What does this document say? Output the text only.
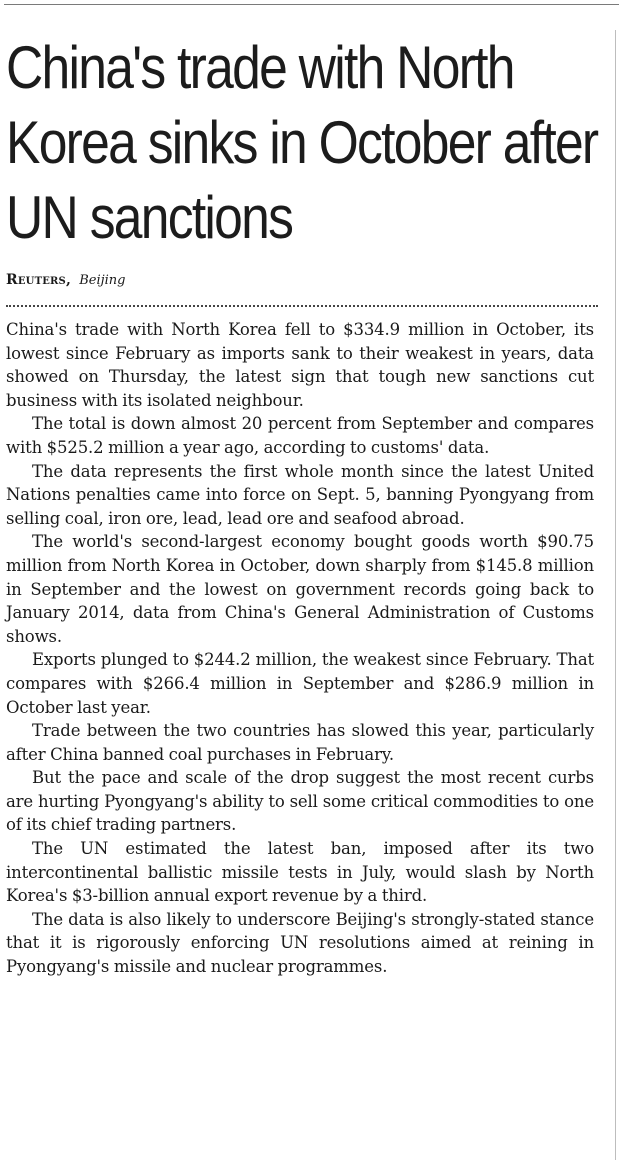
China's trade with North Korea sinks in October after UN sanctions
Reuters, Beijing

China's trade with North Korea fell to $334.9 million in October, its lowest since February as imports sank to their weakest in years, data showed on Thursday, the latest sign that tough new sanctions cut business with its isolated neighbour.

The total is down almost 20 percent from September and compares with $525.2 million a year ago, according to customs' data.

The data represents the first whole month since the latest United Nations penalties came into force on Sept. 5, banning Pyongyang from selling coal, iron ore, lead, lead ore and seafood abroad.

The world's second-largest economy bought goods worth $90.75 million from North Korea in October, down sharply from $145.8 million in September and the lowest on government records going back to January 2014, data from China's General Administration of Customs shows.

Exports plunged to $244.2 million, the weakest since February. That compares with $266.4 million in September and $286.9 million in October last year.

Trade between the two countries has slowed this year, particularly after China banned coal purchases in February.

But the pace and scale of the drop suggest the most recent curbs are hurting Pyongyang's ability to sell some critical commodities to one of its chief trading partners.

The UN estimated the latest ban, imposed after its two intercontinental ballistic missile tests in July, would slash by North Korea's $3-billion annual export revenue by a third.

The data is also likely to underscore Beijing's strongly-stated stance that it is rigorously enforcing UN resolutions aimed at reining in Pyongyang's missile and nuclear programmes.
